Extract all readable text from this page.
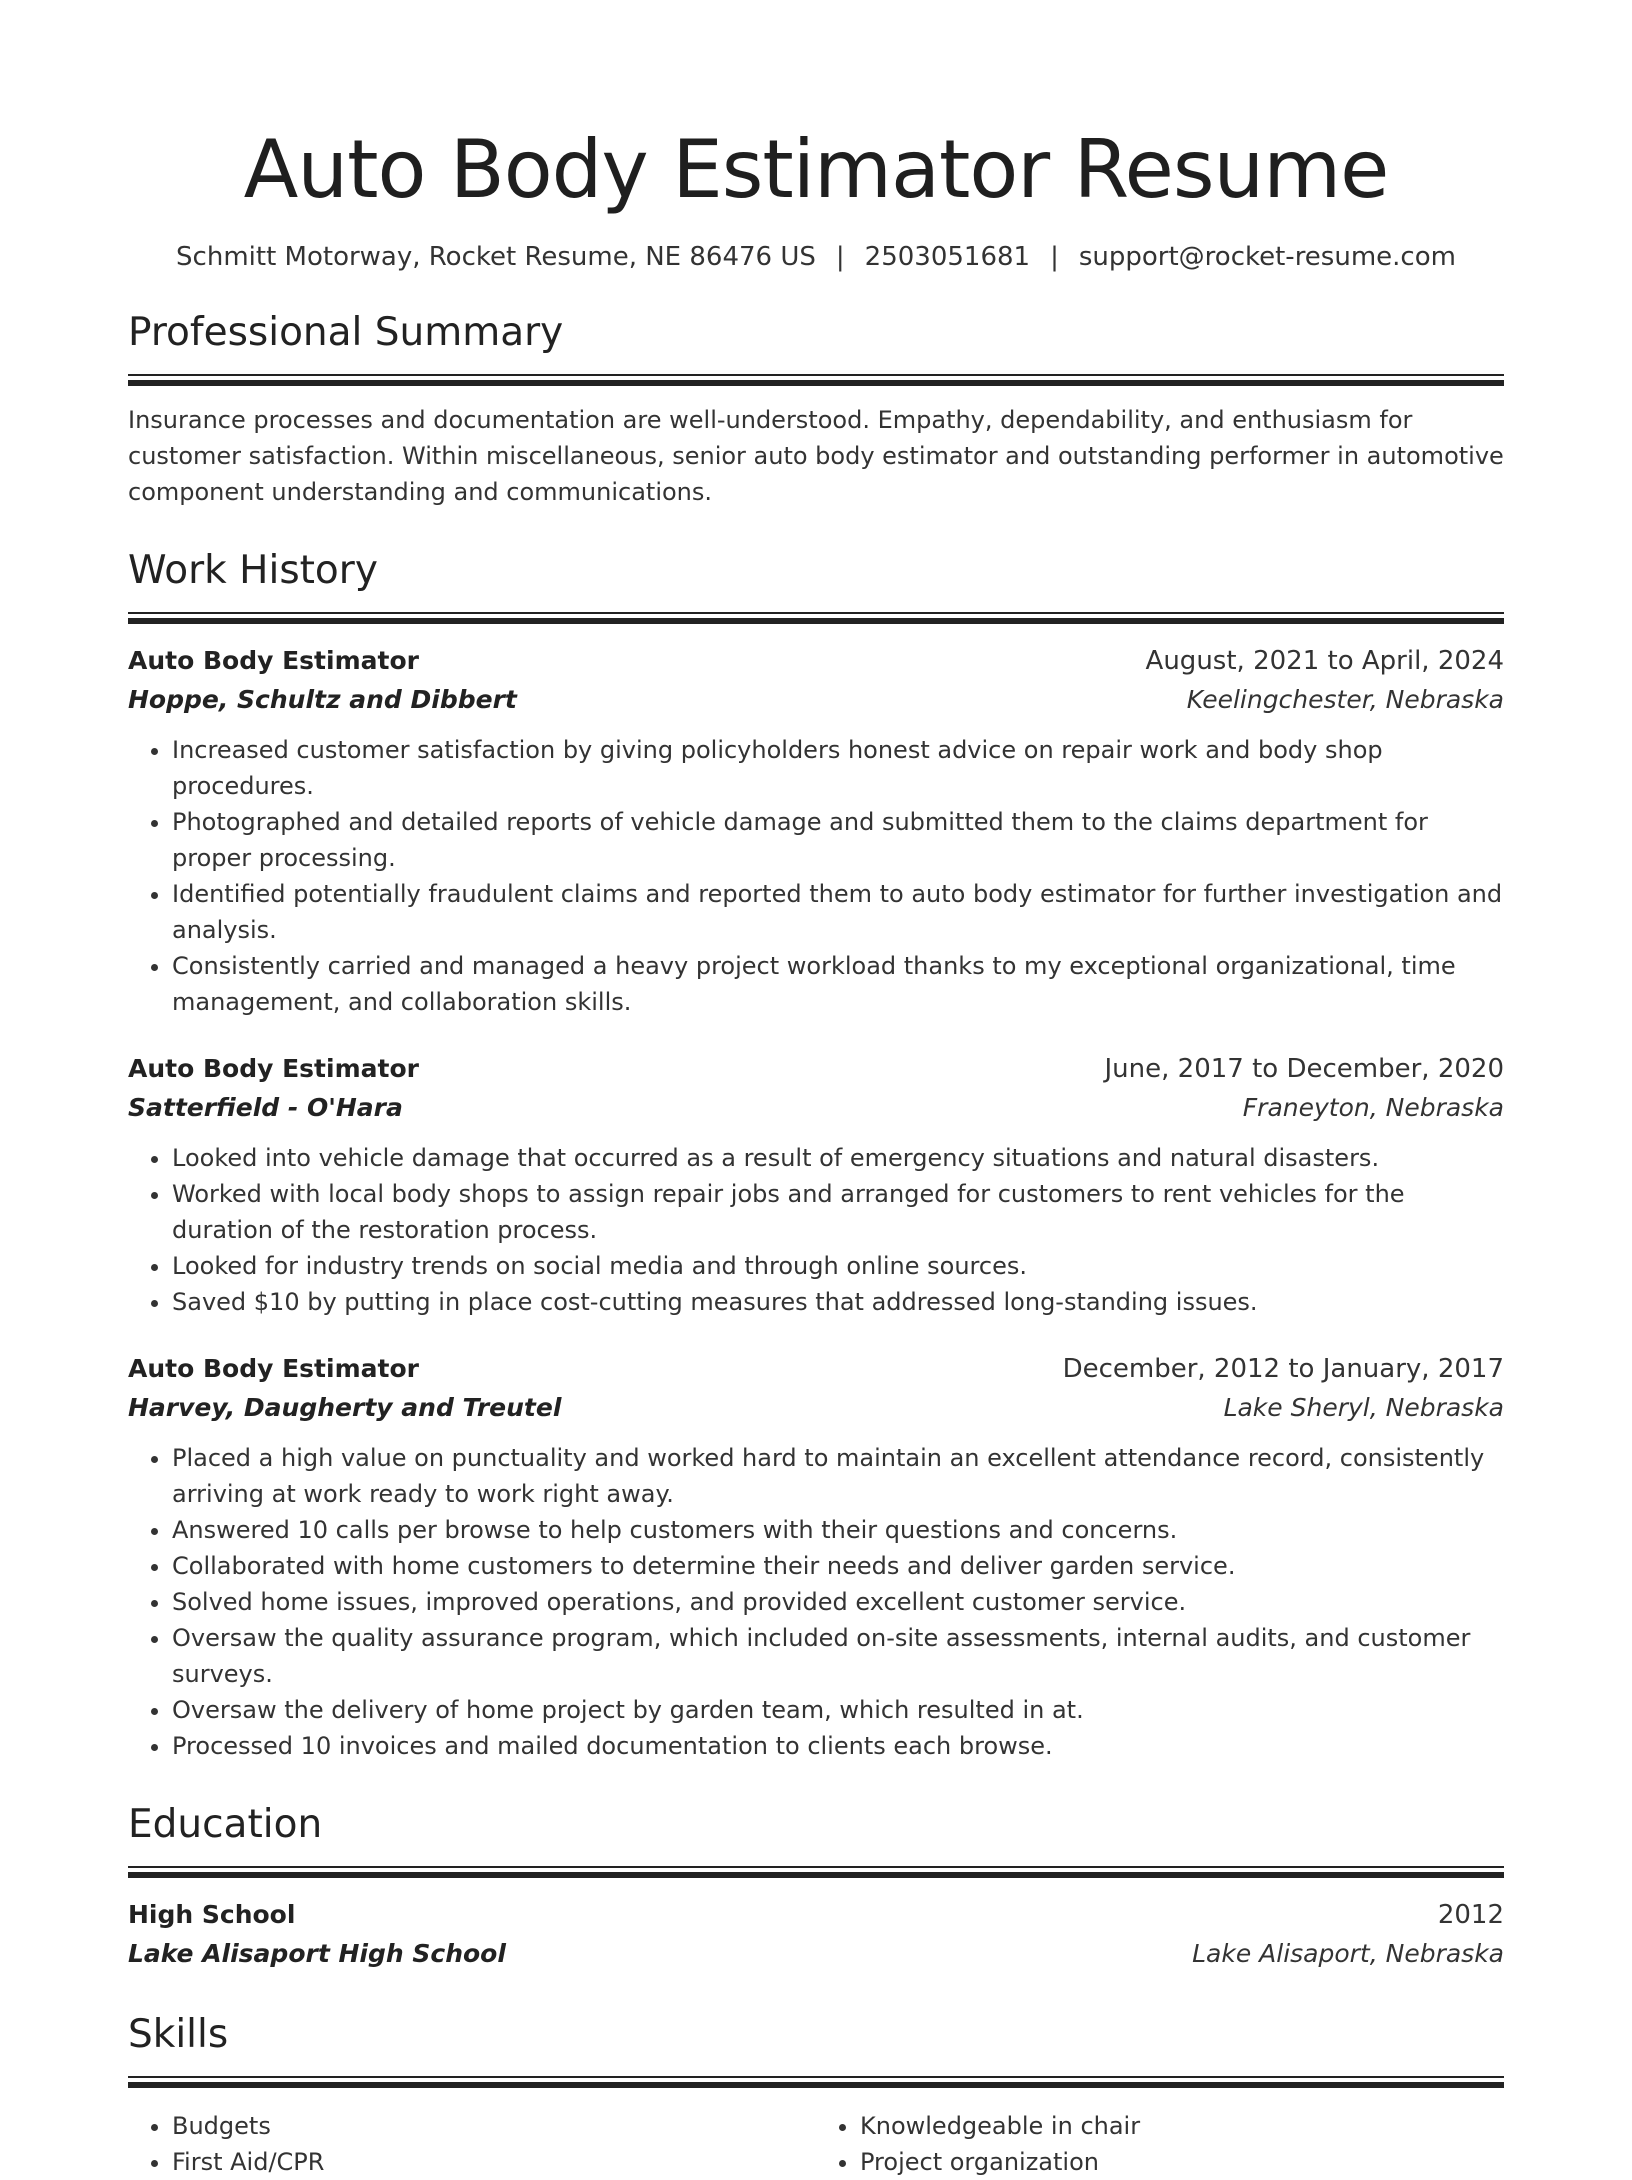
Auto Body Estimator Resume
Schmitt Motorway, Rocket Resume, NE 86476 US | 2503051681 | support@rocket-resume.com
Professional Summary
Insurance processes and documentation are well-understood. Empathy, dependability, and enthusiasm for customer satisfaction. Within miscellaneous, senior auto body estimator and outstanding performer in automotive component understanding and communications.
Work History
Auto Body Estimator	August, 2021 to April, 2024
Hoppe, Schultz and Dibbert	Keelingchester, Nebraska
• Increased customer satisfaction by giving policyholders honest advice on repair work and body shop procedures.
• Photographed and detailed reports of vehicle damage and submitted them to the claims department for proper processing.
• Identified potentially fraudulent claims and reported them to auto body estimator for further investigation and analysis.
• Consistently carried and managed a heavy project workload thanks to my exceptional organizational, time management, and collaboration skills.
Auto Body Estimator	June, 2017 to December, 2020
Satterfield - O'Hara	Franeyton, Nebraska
• Looked into vehicle damage that occurred as a result of emergency situations and natural disasters.
• Worked with local body shops to assign repair jobs and arranged for customers to rent vehicles for the duration of the restoration process.
• Looked for industry trends on social media and through online sources.
• Saved $10 by putting in place cost-cutting measures that addressed long-standing issues.
Auto Body Estimator	December, 2012 to January, 2017
Harvey, Daugherty and Treutel	Lake Sheryl, Nebraska
• Placed a high value on punctuality and worked hard to maintain an excellent attendance record, consistently arriving at work ready to work right away.
• Answered 10 calls per browse to help customers with their questions and concerns.
• Collaborated with home customers to determine their needs and deliver garden service.
• Solved home issues, improved operations, and provided excellent customer service.
• Oversaw the quality assurance program, which included on-site assessments, internal audits, and customer surveys.
• Oversaw the delivery of home project by garden team, which resulted in at.
• Processed 10 invoices and mailed documentation to clients each browse.
Education
High School	2012
Lake Alisaport High School	Lake Alisaport, Nebraska
Skills
• Budgets
• First Aid/CPR
• Knowledgeable in chair
• Project organization
